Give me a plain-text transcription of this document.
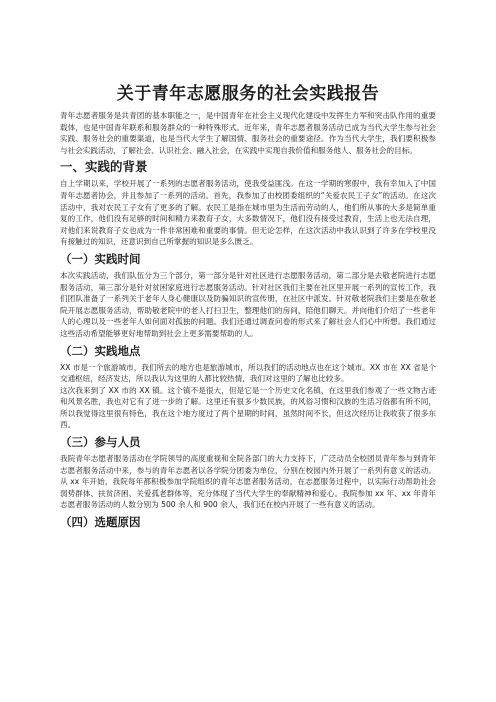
关于青年志愿服务的社会实践报告

青年志愿者服务是共青团的基本职能之一，是中国青年在社会主义现代化建设中发挥生力军和突击队作用的重要载体，也是中国青年联系和服务群众的一种特殊形式。近年来，青年志愿者服务活动已成为当代大学生参与社会实践、服务社会的重要渠道，也是当代大学生了解国情、服务社会的重要途径。作为当代大学生，我们要积极参与社会实践活动，了解社会、认识社会、融入社会，在实践中实现自我价值和服务他人、服务社会的目标。

一、实践的背景

自上学期以来，学校开展了一系列的志愿者服务活动，使我受益匪浅。在这一学期的寒假中，我有幸加入了中国青年志愿者协会，并且参加了一系列的活动。首先，我参加了由校团委组织的“关爱农民工子女”的活动。在这次活动中，我对农民工子女有了更多的了解。农民工是指在城市里为生活而劳动的人，他们所从事的大多是简单重复的工作，他们没有足够的时间和精力来教育子女，大多数情况下，他们没有接受过教育，生活上也无法自理，对他们来说教育子女也成为一件非常困难和重要的事情。但无论怎样，在这次活动中我认识到了许多在学校里没有接触过的知识，还意识到自己所掌握的知识是多么匮乏。

（一）实践时间

本次实践活动，我们队伍分为三个部分，第一部分是针对社区进行志愿服务活动，第二部分是去敬老院进行志愿服务活动，第三部分是针对贫困家庭进行志愿服务活动。针对社区我们主要在社区里开展一系列的宣传工作，我们团队准备了一系列关于老年人身心健康以及防骗知识的宣传册，在社区中派发。针对敬老院我们主要是在敬老院开展志愿服务活动，帮助敬老院中的老人打扫卫生，整理他们的房间，陪他们聊天。并向他们介绍了一些老年人的心理以及一些老年人如何面对孤独的问题。我们还通过调查问卷的形式来了解社会人们心中所想。我们通过这些活动希望能够更好地帮助到社会上更多需要帮助的人。

（二）实践地点

XX 市是一个旅游城市，我们所去的地方也是旅游城市，所以我们的活动地点也在这个城市。XX 市在 XX 省是个交通枢纽，经济发达，所以我认为这里的人都比较热情，我们对这里的了解也比较多。
这次我来到了 XX 市的 XX 镇。这个镇不是很大，但是它是一个历史文化名镇，在这里我们参观了一些文物古迹和风景名胜，我也对它有了进一步的了解。这里还有很多少数民族，的风俗习惯和汉族的生活习俗都有所不同，所以我觉得这里很有特色，我在这个地方度过了两个星期的时间，虽然时间不长，但这次经历让我收获了很多东西。

（三）参与人员

我院青年志愿者服务活动在学院领导的高度重视和全院各部门的大力支持下，广泛动员全校团员青年参与到青年志愿者服务活动中来，参与的青年志愿者以各学院分团委为单位，分别在校园内外开展了一系列有意义的活动。从 xx 年开始，我院每年都积极参加学院组织的青年志愿者服务活动，在志愿服务过程中，以实际行动帮助社会弱势群体、扶贫济困、关爱孤老群体等，充分体现了当代大学生的奉献精神和爱心。我院参加 xx 年、xx 年青年志愿者服务活动的人数分别为 500 余人和 900 余人，我们还在校内开展了一些有意义的活动。

（四）选题原因
